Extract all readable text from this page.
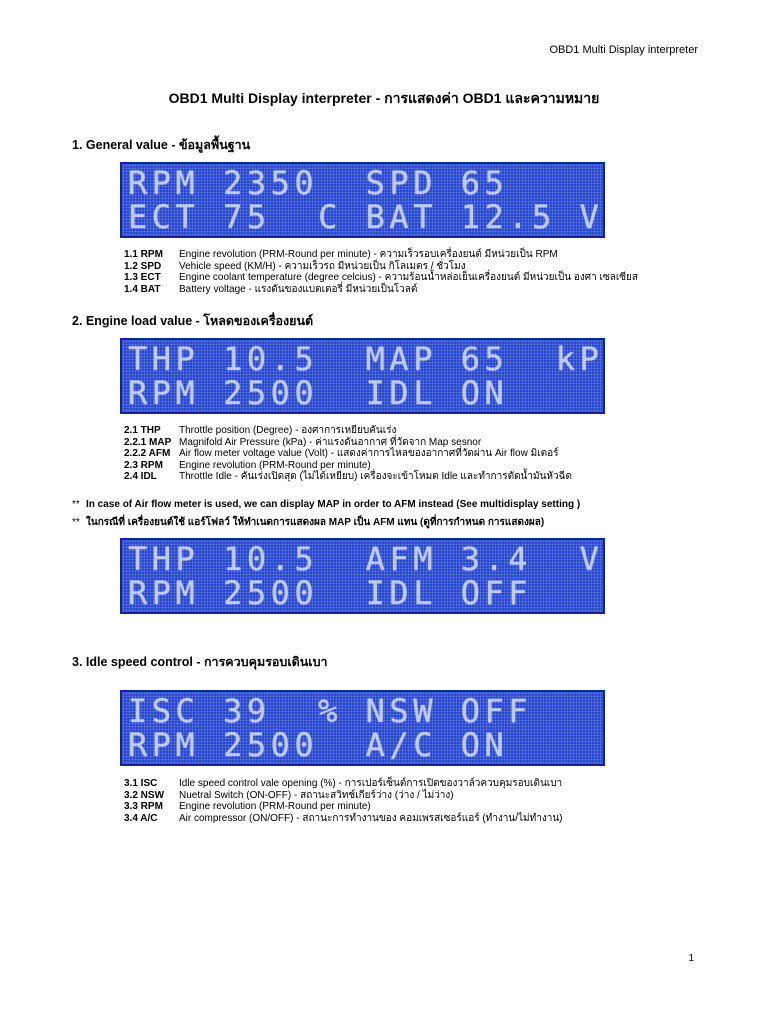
OBD1 Multi Display interpreter
OBD1 Multi Display interpreter - การแสดงค่า OBD1 และความหมาย
1. General value - ข้อมูลพื้นฐาน
RPM 2350  SPD 65
ECT 75  C BAT 12.5 V
1.1 RPM	Engine revolution (PRM-Round per minute) - ความเร็วรอบเครื่องยนต์ มีหน่วยเป็น RPM
1.2 SPD	Vehicle speed (KM/H) - ความเร็วรถ มีหน่วยเป็น กิโลเมตร / ชั่วโมง
1.3 ECT	Engine coolant temperature (degree celcius) - ความร้อนน้ำหล่อเย็นเครื่องยนต์ มีหน่วยเป็น องศา เซลเซียส
1.4 BAT	Battery voltage - แรงดันของแบตเตอรี่ มีหน่วยเป็นโวลต์
2. Engine load value - โหลดของเครื่องยนต์
THP 10.5  MAP 65  kP
RPM 2500  IDL ON
2.1 THP	Throttle position (Degree) - องศาการเหยียบคันเร่ง
2.2.1 MAP Magnifold Air Pressure (kPa) - ค่าแรงดันอากาศ ที่วัดจาก Map sesnor
2.2.2 AFM Air flow meter voltage value (Volt) - แสดงค่าการไหลของอากาศที่วัดผ่าน Air flow มิเตอร์
2.3 RPM	Engine revolution (PRM-Round per minute)
2.4 IDL	Throttle Idle - คันเร่งเปิดสุด (ไม่ได้เหยียบ) เครื่องจะเข้าโหมด Idle และทำการตัดน้ำมันหัวฉีด
** In case of Air flow meter is used, we can display MAP in order to AFM instead (See multidisplay setting )
** ในกรณีที่ เครื่องยนต์ใช้ แอร์โฟลว์ ให้ทำเนดการแสดงผล MAP เป็น AFM แทน (ดูที่การกำหนด การแสดงผล)
THP 10.5  AFM 3.4  V
RPM 2500  IDL OFF
3. Idle speed control - การควบคุมรอบเดินเบา
ISC 39  % NSW OFF
RPM 2500  A/C ON
3.1 ISC	Idle speed control vale opening (%) - การเปอร์เซ็นต์การเปิดของวาล์วควบคุมรอบเดินเบา
3.2 NSW	Nuetral Switch (ON-OFF) - สถานะสวิทช์เกียร์ว่าง (ว่าง / ไม่ว่าง)
3.3 RPM	Engine revolution (PRM-Round per minute)
3.4 A/C	Air compressor (ON/OFF) - สถานะการทำงานของ คอมเพรสเซอร์แอร์ (ทำงาน/ไม่ทำงาน)
1
